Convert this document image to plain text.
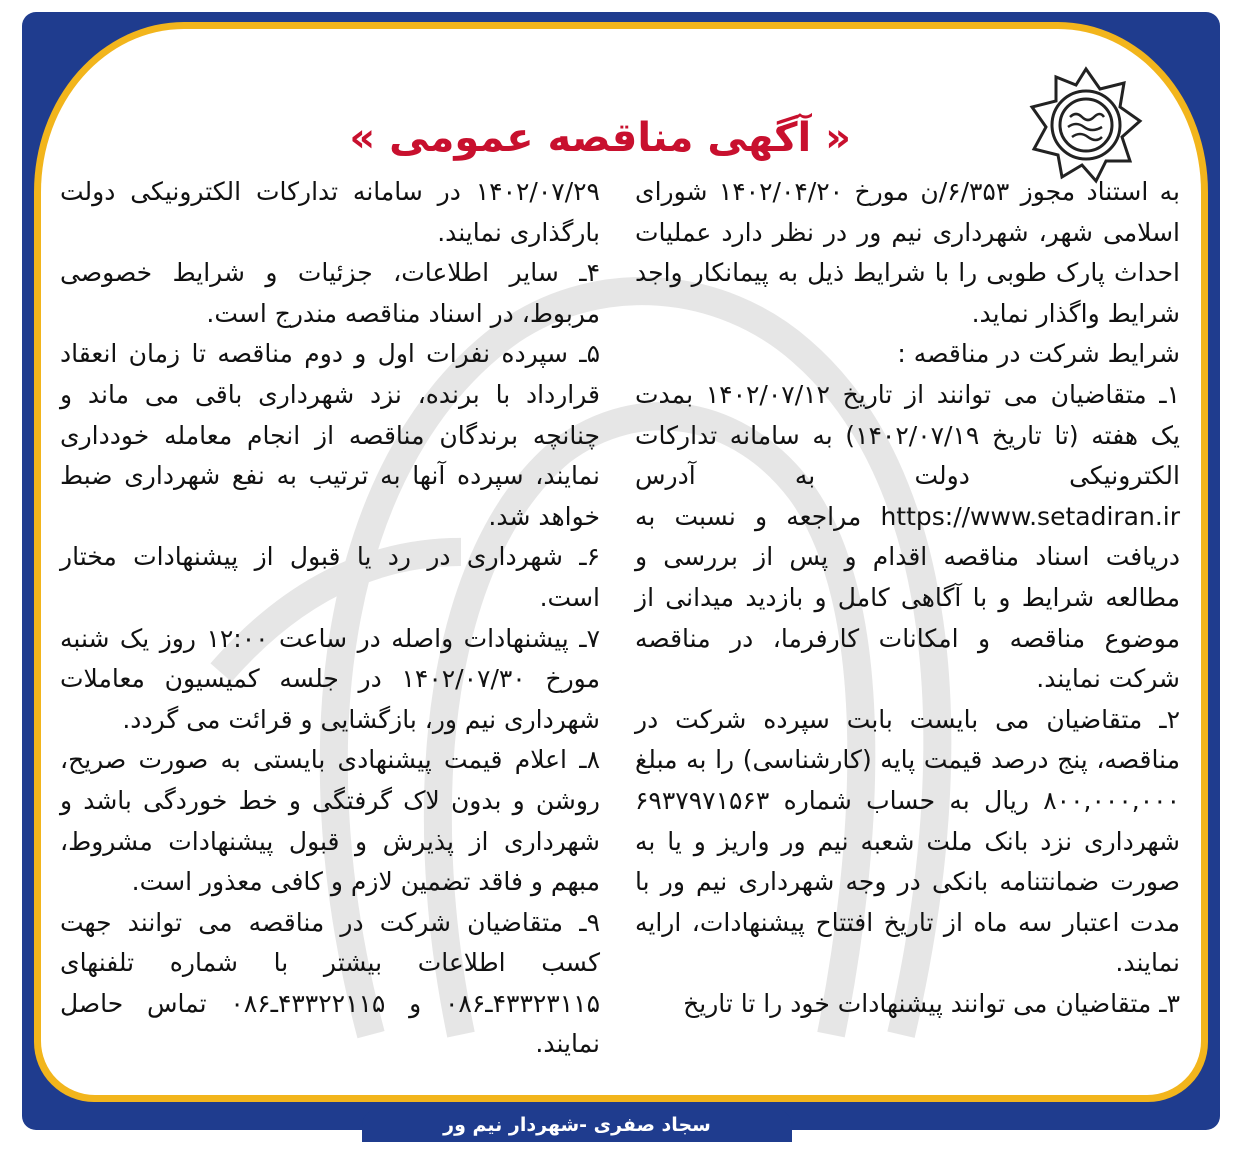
« آگهی مناقصه عمومی »
سجاد صفری -شهردار نیم ور

به استناد مجوز ۶/۳۵۳/ن مورخ ۱۴۰۲/۰۴/۲۰ شورای اسلامی شهر، شهرداری نیم ور در نظر دارد عملیات احداث پارک طوبی را با شرایط ذیل به پیمانکار واجد شرایط واگذار نماید.

شرایط شرکت در مناقصه :

۱ـ متقاضیان می توانند از تاریخ ۱۴۰۲/۰۷/۱۲ بمدت یک هفته (تا تاریخ ۱۴۰۲/۰۷/۱۹) به سامانه تدارکات الکترونیکی دولت به آدرس https://www.setadiran.ir مراجعه و نسبت به دریافت اسناد مناقصه اقدام و پس از بررسی و مطالعه شرایط و با آگاهی کامل و بازدید میدانی از موضوع مناقصه و امکانات کارفرما، در مناقصه شرکت نمایند.

۲ـ متقاضیان می بایست بابت سپرده شرکت در مناقصه، پنج درصد قیمت پایه (کارشناسی) را به مبلغ ۸۰۰,۰۰۰,۰۰۰ ریال به حساب شماره ۶۹۳۷۹۷۱۵۶۳ شهرداری نزد بانک ملت شعبه نیم ور واریز و یا به صورت ضمانتنامه بانکی در وجه شهرداری نیم ور با مدت اعتبار سه ماه از تاریخ افتتاح پیشنهادات، ارایه نمایند.

۳ـ متقاضیان می توانند پیشنهادات خود را تا تاریخ

۱۴۰۲/۰۷/۲۹ در سامانه تدارکات الکترونیکی دولت بارگذاری نمایند.

۴ـ سایر اطلاعات، جزئیات و شرایط خصوصی مربوط، در اسناد مناقصه مندرج است.

۵ـ سپرده نفرات اول و دوم مناقصه تا زمان انعقاد قرارداد با برنده، نزد شهرداری باقی می ماند و چنانچه برندگان مناقصه از انجام معامله خودداری نمایند، سپرده آنها به ترتیب به نفع شهرداری ضبط خواهد شد.

۶ـ شهرداری در رد یا قبول از پیشنهادات مختار است.

۷ـ پیشنهادات واصله در ساعت ۱۲:۰۰ روز یک شنبه مورخ ۱۴۰۲/۰۷/۳۰ در جلسه کمیسیون معاملات شهرداری نیم ور، بازگشایی و قرائت می گردد.

۸ـ اعلام قیمت پیشنهادی بایستی به صورت صریح، روشن و بدون لاک گرفتگی و خط خوردگی باشد و شهرداری از پذیرش و قبول پیشنهادات مشروط، مبهم و فاقد تضمین لازم و کافی معذور است.

۹ـ متقاضیان شرکت در مناقصه می توانند جهت کسب اطلاعات بیشتر با شماره تلفنهای ۴۳۳۲۳۱۱۵ـ۰۸۶ و ۴۳۳۲۲۱۱۵ـ۰۸۶ تماس حاصل نمایند.
